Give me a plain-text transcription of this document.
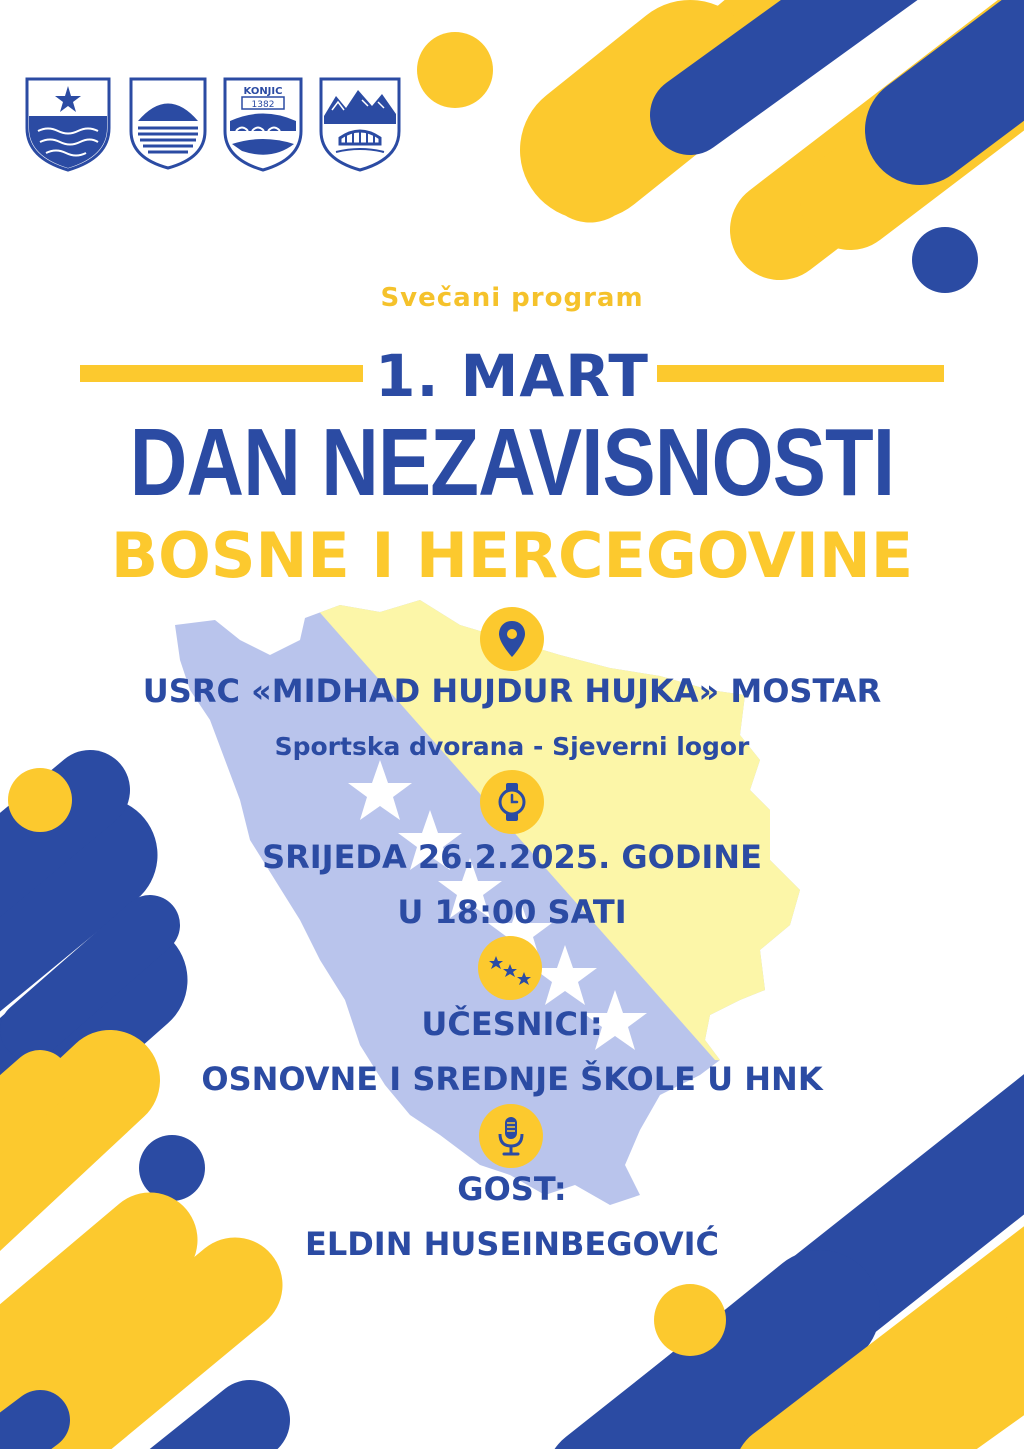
KONJIC
1382

Svečani program

1. MART

DAN NEZAVISNOSTI

BOSNE I HERCEGOVINE

USRC «MIDHAD HUJDUR HUJKA» MOSTAR

Sportska dvorana - Sjeverni logor

SRIJEDA 26.2.2025. GODINE

U 18:00 SATI

UČESNICI:

OSNOVNE I SREDNJE ŠKOLE U HNK

GOST:

ELDIN HUSEINBEGOVIĆ
